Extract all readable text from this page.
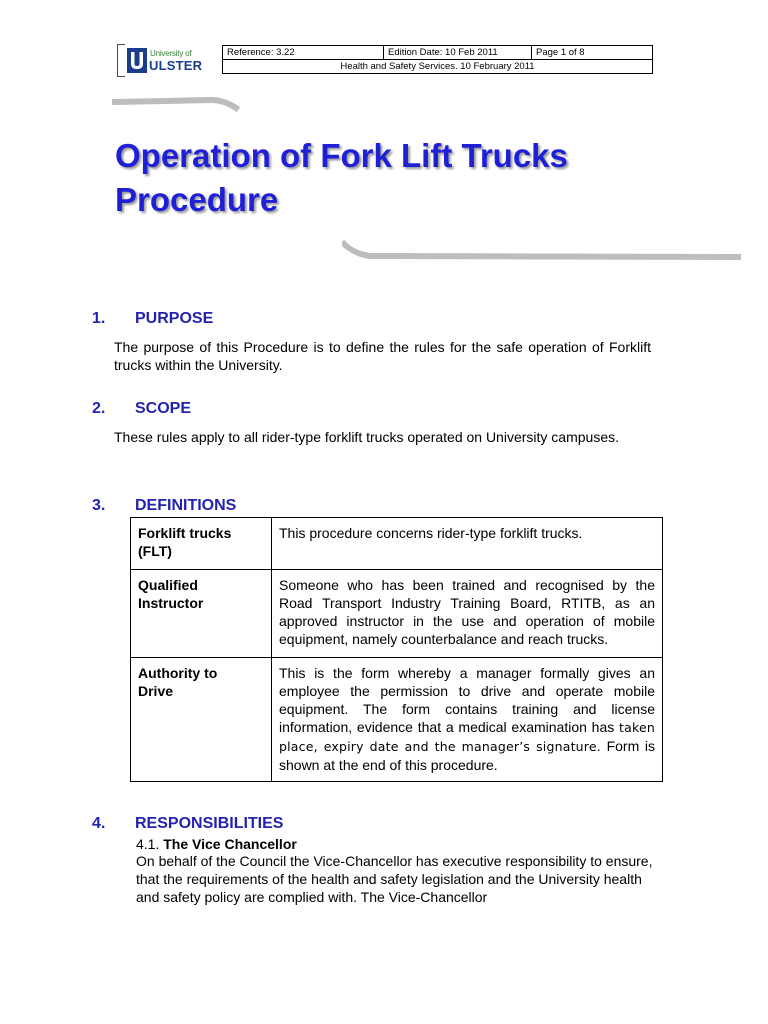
University of
ULSTER
Reference: 3.22	Edition Date: 10 Feb 2011	Page 1 of 8
Health and Safety Services. 10 February 2011
Operation of Fork Lift Trucks
Procedure
1. PURPOSE
The purpose of this Procedure is to define the rules for the safe operation of Forklift trucks within the University.
2. SCOPE
These rules apply to all rider-type forklift trucks operated on University campuses.
3. DEFINITIONS
Forklift trucks
(FLT)	This procedure concerns rider-type forklift trucks.

Qualified
Instructor	Someone who has been trained and recognised by the Road Transport Industry Training Board, RTITB, as an approved instructor in the use and operation of mobile equipment, namely counterbalance and reach trucks.

Authority to
Drive	This is the form whereby a manager formally gives an employee the permission to drive and operate mobile equipment. The form contains training and license information, evidence that a medical examination has taken place, expiry date and the manager’s signature. Form is shown at the end of this procedure.
4. RESPONSIBILITIES
4.1. The Vice Chancellor
On behalf of the Council the Vice-Chancellor has executive responsibility to ensure, that the requirements of the health and safety legislation and the University health and safety policy are complied with. The Vice-Chancellor
